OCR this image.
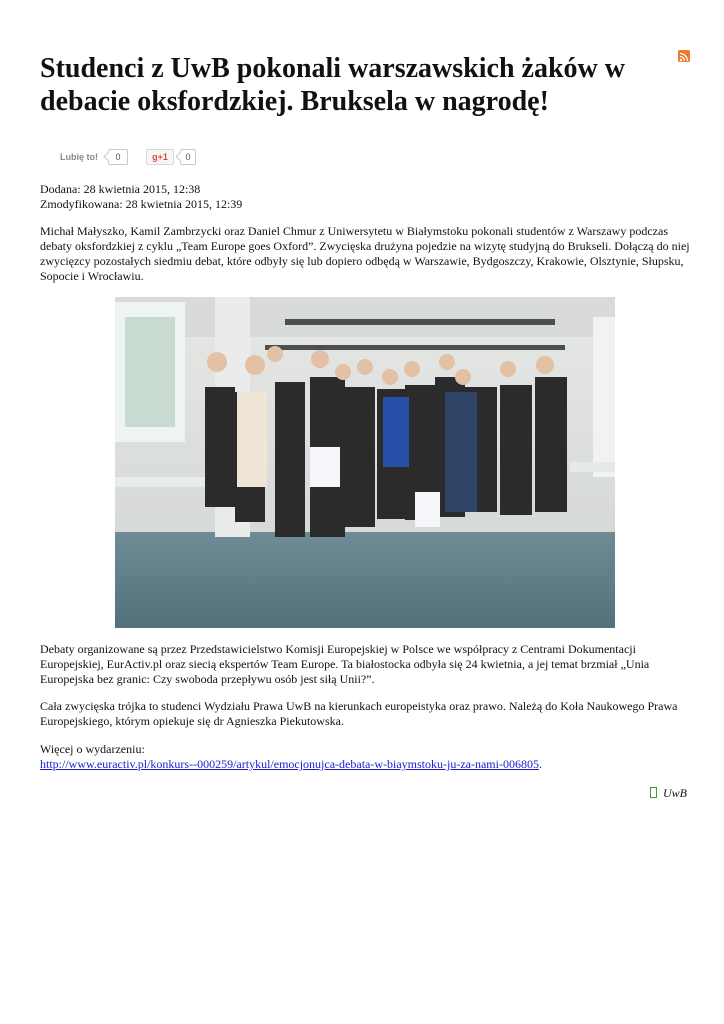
Studenci z UwB pokonali warszawskich żaków w debacie oksfordzkiej. Bruksela w nagrodę!
Lubię to!	0	g+1	0
Dodana: 28 kwietnia 2015, 12:38
Zmodyfikowana: 28 kwietnia 2015, 12:39

Michał Małyszko, Kamil Zambrzycki oraz Daniel Chmur z Uniwersytetu w Białymstoku pokonali studentów z Warszawy podczas debaty oksfordzkiej z cyklu „Team Europe goes Oxford”. Zwycięska drużyna pojedzie na wizytę studyjną do Brukseli. Dołączą do niej zwycięzcy pozostałych siedmiu debat, które odbyły się lub dopiero odbędą w Warszawie, Bydgoszczy, Krakowie, Olsztynie, Słupsku, Sopocie i Wrocławiu.

Debaty organizowane są przez Przedstawicielstwo Komisji Europejskiej w Polsce we współpracy z Centrami Dokumentacji Europejskiej, EurActiv.pl oraz siecią ekspertów Team Europe. Ta białostocka odbyła się 24 kwietnia, a jej temat brzmiał „Unia Europejska bez granic: Czy swoboda przepływu osób jest siłą Unii?”.

Cała zwycięska trójka to studenci Wydziału Prawa UwB na kierunkach europeistyka oraz prawo. Należą do Koła Naukowego Prawa Europejskiego, którym opiekuje się dr Agnieszka Piekutowska.

Więcej o wydarzeniu:
http://www.euractiv.pl/konkurs--000259/artykul/emocjonujca-debata-w-biaymstoku-ju-za-nami-006805.

UwB
